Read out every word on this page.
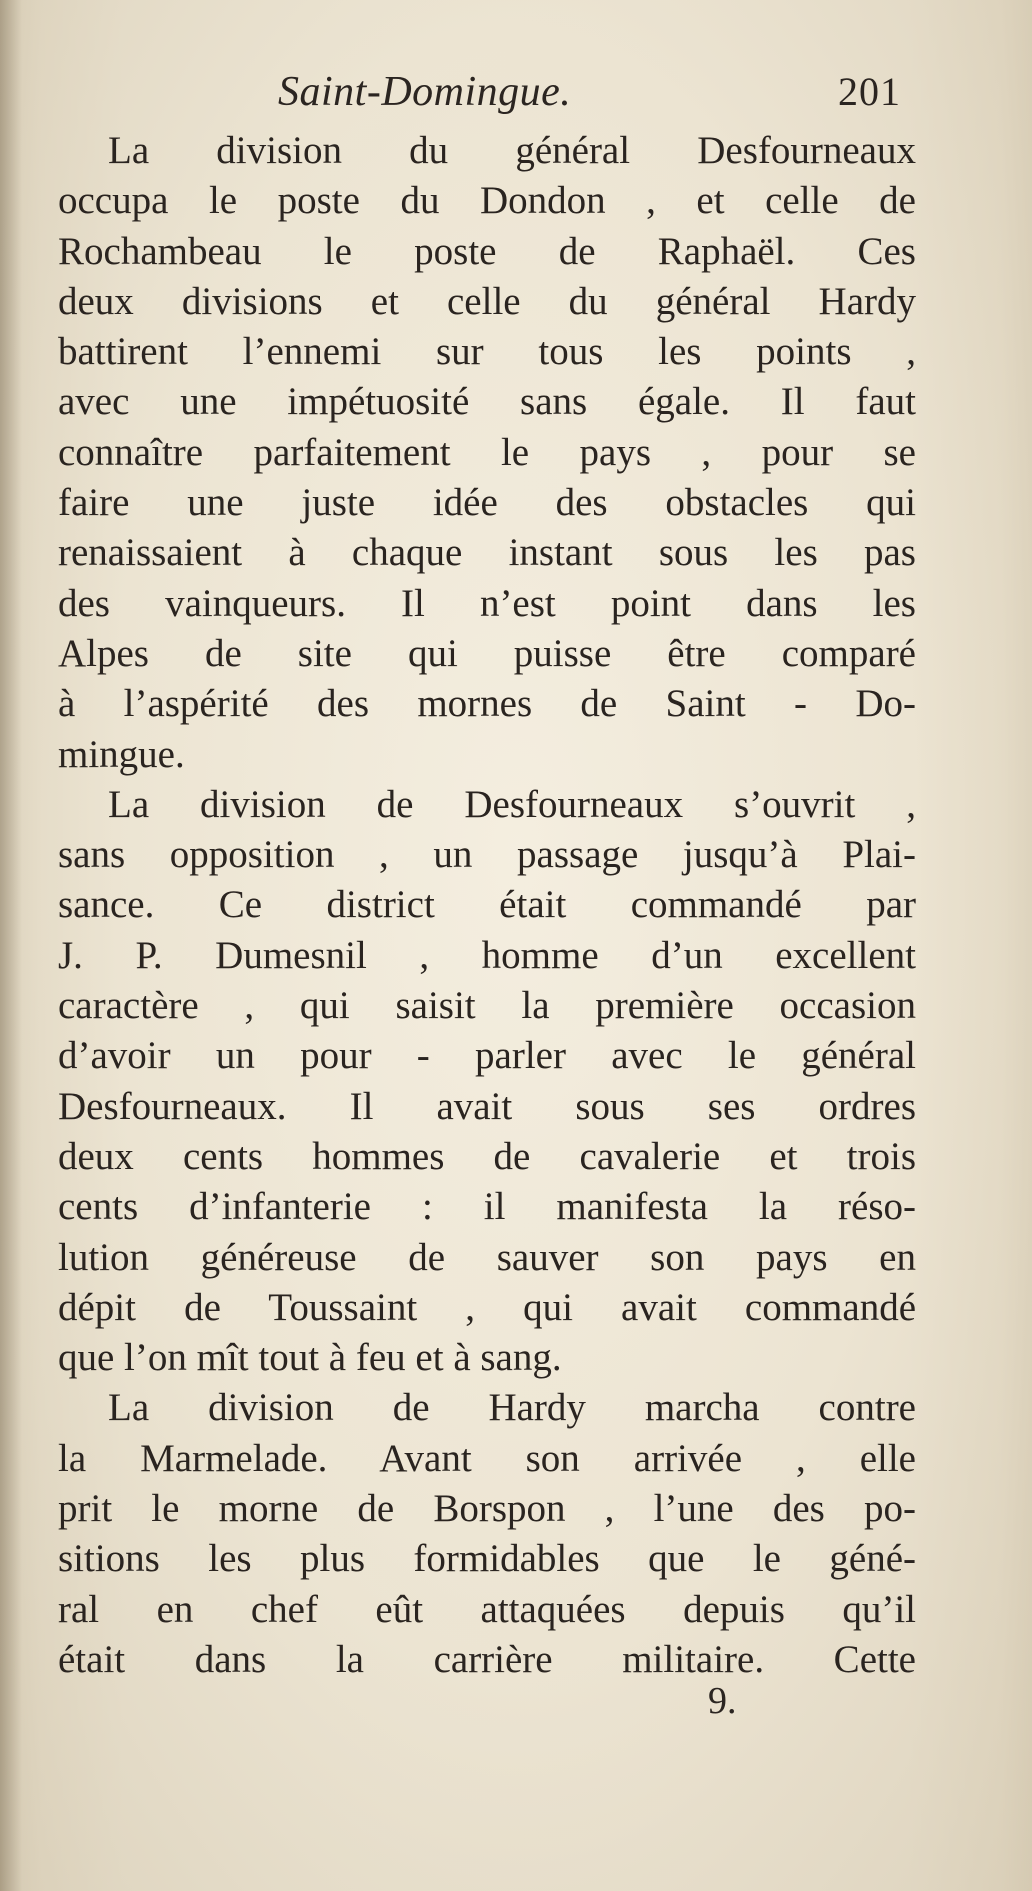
Saint-Domingue.	201
La division du général Desfourneaux
occupa le poste du Dondon , et celle de
Rochambeau le poste de Raphaël. Ces
deux divisions et celle du général Hardy
battirent l’ennemi sur tous les points ,
avec une impétuosité sans égale. Il faut
connaître parfaitement le pays , pour se
faire une juste idée des obstacles qui
renaissaient à chaque instant sous les pas
des vainqueurs. Il n’est point dans les
Alpes de site qui puisse être comparé
à l’aspérité des mornes de Saint - Do-
mingue.
La division de Desfourneaux s’ouvrit ,
sans opposition , un passage jusqu’à Plai-
sance. Ce district était commandé par
J. P. Dumesnil , homme d’un excellent
caractère , qui saisit la première occasion
d’avoir un pour - parler avec le général
Desfourneaux. Il avait sous ses ordres
deux cents hommes de cavalerie et trois
cents d’infanterie : il manifesta la réso-
lution généreuse de sauver son pays en
dépit de Toussaint , qui avait commandé
que l’on mît tout à feu et à sang.
La division de Hardy marcha contre
la Marmelade. Avant son arrivée , elle
prit le morne de Borspon , l’une des po-
sitions les plus formidables que le géné-
ral en chef eût attaquées depuis qu’il
était dans la carrière militaire. Cette
9.
